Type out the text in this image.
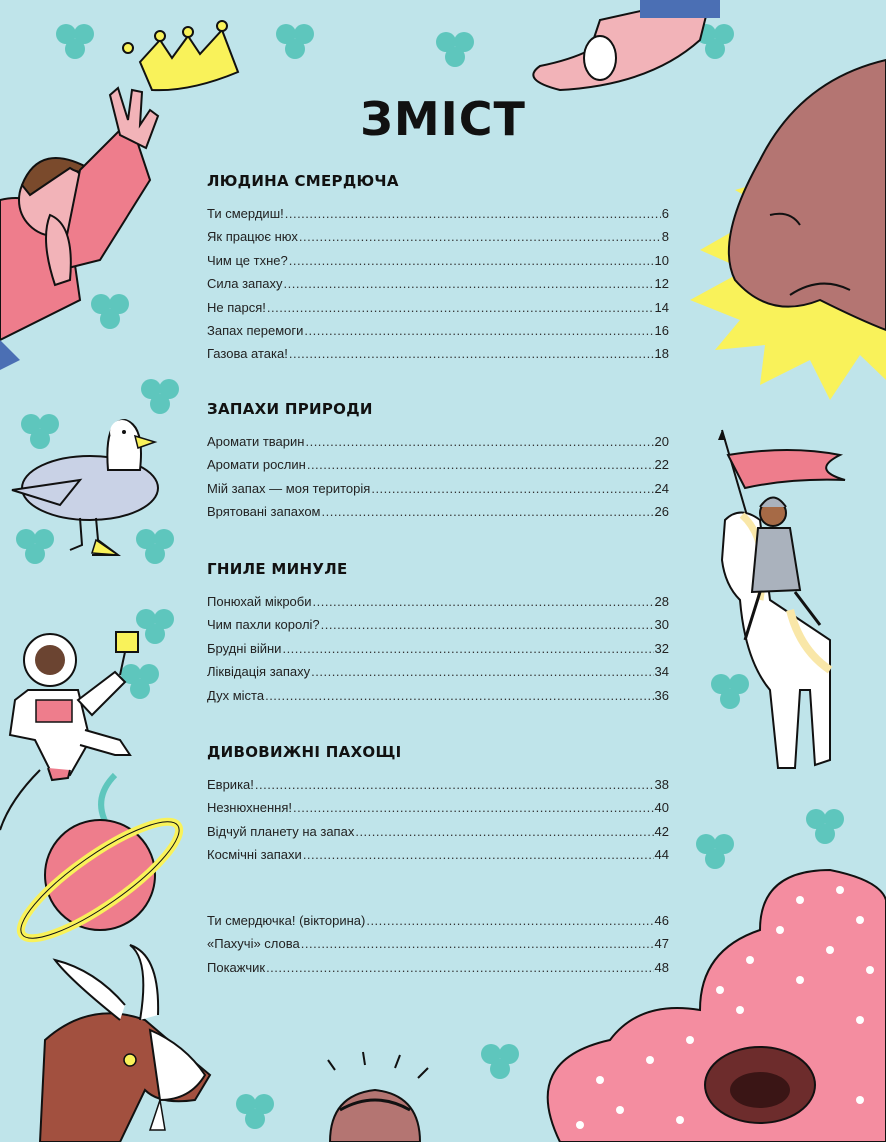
ЗМІСТ
ЛЮДИНА СМЕРДЮЧА
Ти смердиш! .....	6
Як працює нюх .....	8
Чим це тхне? .....	10
Сила запаху .....	12
Не парся! .....	14
Запах перемоги .....	16
Газова атака! .....	18
ЗАПАХИ ПРИРОДИ
Аромати тварин .....	20
Аромати рослин .....	22
Мій запах — моя територія .....	24
Врятовані запахом .....	26
ГНИЛЕ МИНУЛЕ
Понюхай мікроби .....	28
Чим пахли королі? .....	30
Брудні війни .....	32
Ліквідація запаху .....	34
Дух міста .....	36
ДИВОВИЖНІ ПАХОЩІ
Еврика! .....	38
Незнюхнення! .....	40
Відчуй планету на запах .....	42
Космічні запахи .....	44
Ти смердючка! (вікторина) .....	46
«Пахучі» слова .....	47
Покажчик .....	48
